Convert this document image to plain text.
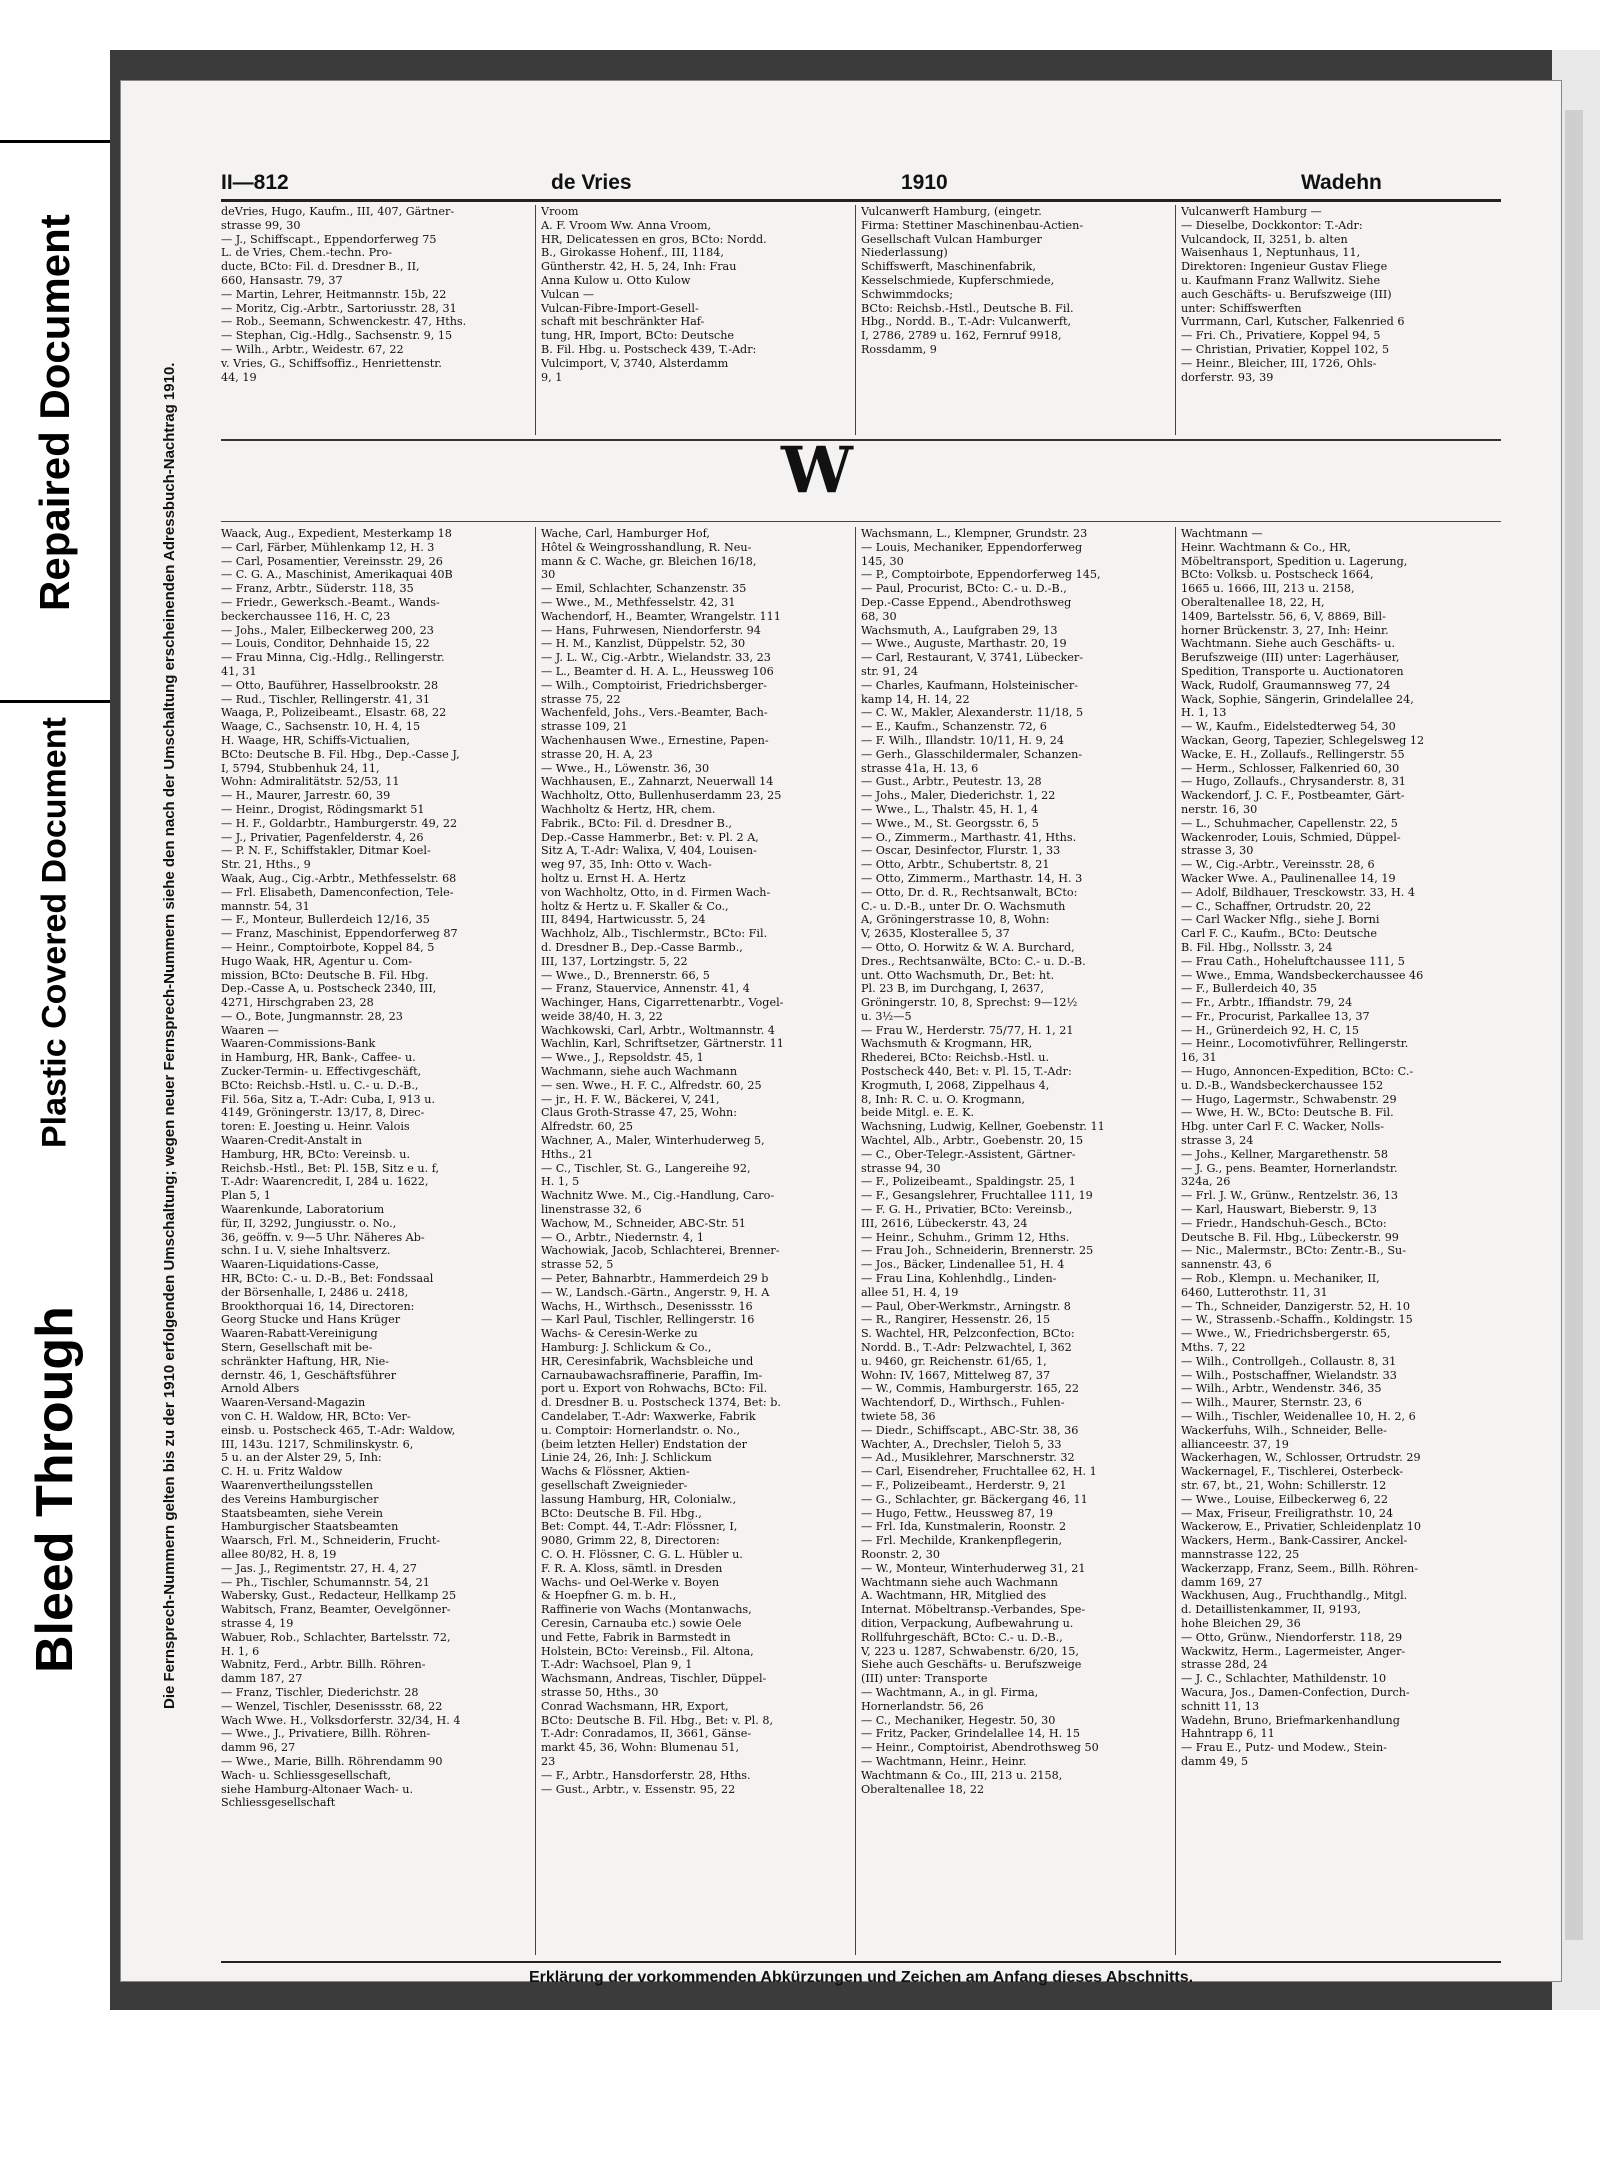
Repaired Document
Plastic Covered Document
Bleed Through	Die Fernsprech-Nummern gelten bis zu der 1910 erfolgenden Umschaltung; wegen neuer Fernsprech-Nummern siehe den nach der Umschaltung erscheinenden Adressbuch-Nachtrag 1910.
II—812	de Vries	1910	Wadehn

deVries, Hugo, Kaufm., III, 407, Gärtner-

strasse 99, 30

— J., Schiffscapt., Eppendorferweg 75

L. de Vries, Chem.-techn. Pro-

ducte, BCto: Fil. d. Dresdner B., II,

660, Hansastr. 79, 37

— Martin, Lehrer, Heitmannstr. 15b, 22

— Moritz, Cig.-Arbtr., Sartoriusstr. 28, 31

— Rob., Seemann, Schwenckestr. 47, Hths.

— Stephan, Cig.-Hdlg., Sachsenstr. 9, 15

— Wilh., Arbtr., Weidestr. 67, 22

v. Vries, G., Schiffsoffiz., Henriettenstr.

44, 19

Vroom

A. F. Vroom Ww. Anna Vroom,

HR, Delicatessen en gros, BCto: Nordd.

B., Girokasse Hohenf., III, 1184,

Güntherstr. 42, H. 5, 24, Inh: Frau

Anna Kulow u. Otto Kulow

Vulcan —

Vulcan-Fibre-Import-Gesell-

schaft mit beschränkter Haf-

tung, HR, Import, BCto: Deutsche

B. Fil. Hbg. u. Postscheck 439, T.-Adr:

Vulcimport, V, 3740, Alsterdamm

9, 1

Vulcanwerft Hamburg, (eingetr.

Firma: Stettiner Maschinenbau-Actien-

Gesellschaft Vulcan Hamburger

Niederlassung)

Schiffswerft, Maschinenfabrik,

Kesselschmiede, Kupferschmiede,

Schwimmdocks;

BCto: Reichsb.-Hstl., Deutsche B. Fil.

Hbg., Nordd. B., T.-Adr: Vulcanwerft,

I, 2786, 2789 u. 162, Fernruf 9918,

Rossdamm, 9

Vulcanwerft Hamburg —

— Dieselbe, Dockkontor: T.-Adr:

Vulcandock, II, 3251, b. alten

Waisenhaus 1, Neptunhaus, 11,

Direktoren: Ingenieur Gustav Fliege

u. Kaufmann Franz Wallwitz. Siehe

auch Geschäfts- u. Berufszweige (III)

unter: Schiffswerften

Vurrmann, Carl, Kutscher, Falkenried 6

— Fri. Ch., Privatiere, Koppel 94, 5

— Christian, Privatier, Koppel 102, 5

— Heinr., Bleicher, III, 1726, Ohls-

dorferstr. 93, 39

W

Waack, Aug., Expedient, Mesterkamp 18

— Carl, Färber, Mühlenkamp 12, H. 3

— Carl, Posamentier, Vereinsstr. 29, 26

— C. G. A., Maschinist, Amerikaquai 40B

— Franz, Arbtr., Süderstr. 118, 35

— Friedr., Gewerksch.-Beamt., Wands-

beckerchaussee 116, H. C, 23

— Johs., Maler, Eilbeckerweg 200, 23

— Louis, Conditor, Dehnhaide 15, 22

— Frau Minna, Cig.-Hdlg., Rellingerstr.

41, 31

— Otto, Bauführer, Hasselbrookstr. 28

— Rud., Tischler, Rellingerstr. 41, 31

Waaga, P., Polizeibeamt., Elsastr. 68, 22

Waage, C., Sachsenstr. 10, H. 4, 15

H. Waage, HR, Schiffs-Victualien,

BCto: Deutsche B. Fil. Hbg., Dep.-Casse J,

I, 5794, Stubbenhuk 24, 11,

Wohn: Admiralitätstr. 52/53, 11

— H., Maurer, Jarrestr. 60, 39

— Heinr., Drogist, Rödingsmarkt 51

— H. F., Goldarbtr., Hamburgerstr. 49, 22

— J., Privatier, Pagenfelderstr. 4, 26

— P. N. F., Schiffstakler, Ditmar Koel-

Str. 21, Hths., 9

Waak, Aug., Cig.-Arbtr., Methfesselstr. 68

— Frl. Elisabeth, Damenconfection, Tele-

mannstr. 54, 31

— F., Monteur, Bullerdeich 12/16, 35

— Franz, Maschinist, Eppendorferweg 87

— Heinr., Comptoirbote, Koppel 84, 5

Hugo Waak, HR, Agentur u. Com-

mission, BCto: Deutsche B. Fil. Hbg.

Dep.-Casse A, u. Postscheck 2340, III,

4271, Hirschgraben 23, 28

— O., Bote, Jungmannstr. 28, 23

Waaren —

Waaren-Commissions-Bank

in Hamburg, HR, Bank-, Caffee- u.

Zucker-Termin- u. Effectivgeschäft,

BCto: Reichsb.-Hstl. u. C.- u. D.-B.,

Fil. 56a, Sitz a, T.-Adr: Cuba, I, 913 u.

4149, Gröningerstr. 13/17, 8, Direc-

toren: E. Joesting u. Heinr. Valois

Waaren-Credit-Anstalt in

Hamburg, HR, BCto: Vereinsb. u.

Reichsb.-Hstl., Bet: Pl. 15B, Sitz e u. f,

T.-Adr: Waarencredit, I, 284 u. 1622,

Plan 5, 1

Waarenkunde, Laboratorium

für, II, 3292, Jungiusstr. o. No.,

36, geöffn. v. 9—5 Uhr. Näheres Ab-

schn. I u. V, siehe Inhaltsverz.

Waaren-Liquidations-Casse,

HR, BCto: C.- u. D.-B., Bet: Fondssaal

der Börsenhalle, I, 2486 u. 2418,

Brookthorquai 16, 14, Directoren:

Georg Stucke und Hans Krüger

Waaren-Rabatt-Vereinigung

Stern, Gesellschaft mit be-

schränkter Haftung, HR, Nie-

dernstr. 46, 1, Geschäftsführer

Arnold Albers

Waaren-Versand-Magazin

von C. H. Waldow, HR, BCto: Ver-

einsb. u. Postscheck 465, T.-Adr: Waldow,

III, 143u. 1217, Schmilinskystr. 6,

5 u. an der Alster 29, 5, Inh:

C. H. u. Fritz Waldow

Waarenvertheilungsstellen

des Vereins Hamburgischer

Staatsbeamten, siehe Verein

Hamburgischer Staatsbeamten

Waarsch, Frl. M., Schneiderin, Frucht-

allee 80/82, H. 8, 19

— Jas. J., Regimentstr. 27, H. 4, 27

— Ph., Tischler, Schumannstr. 54, 21

Wabersky, Gust., Redacteur, Hellkamp 25

Wabitsch, Franz, Beamter, Oevelgönner-

strasse 4, 19

Wabuer, Rob., Schlachter, Bartelsstr. 72,

H. 1, 6

Wabnitz, Ferd., Arbtr. Billh. Röhren-

damm 187, 27

— Franz, Tischler, Diederichstr. 28

— Wenzel, Tischler, Desenissstr. 68, 22

Wach Wwe. H., Volksdorferstr. 32/34, H. 4

— Wwe., J., Privatiere, Billh. Röhren-

damm 96, 27

— Wwe., Marie, Billh. Röhrendamm 90

Wach- u. Schliessgesellschaft,

siehe Hamburg-Altonaer Wach- u.

Schliessgesellschaft

Wache, Carl, Hamburger Hof,

Hôtel & Weingrosshandlung, R. Neu-

mann & C. Wache, gr. Bleichen 16/18,

30

— Emil, Schlachter, Schanzenstr. 35

— Wwe., M., Methfesselstr. 42, 31

Wachendorf, H., Beamter, Wrangelstr. 111

— Hans, Fuhrwesen, Niendorferstr. 94

— H. M., Kanzlist, Düppelstr. 52, 30

— J. L. W., Cig.-Arbtr., Wielandstr. 33, 23

— L., Beamter d. H. A. L., Heussweg 106

— Wilh., Comptoirist, Friedrichsberger-

strasse 75, 22

Wachenfeld, Johs., Vers.-Beamter, Bach-

strasse 109, 21

Wachenhausen Wwe., Ernestine, Papen-

strasse 20, H. A, 23

— Wwe., H., Löwenstr. 36, 30

Wachhausen, E., Zahnarzt, Neuerwall 14

Wachholtz, Otto, Bullenhuserdamm 23, 25

Wachholtz & Hertz, HR, chem.

Fabrik., BCto: Fil. d. Dresdner B.,

Dep.-Casse Hammerbr., Bet: v. Pl. 2 A,

Sitz A, T.-Adr: Walixa, V, 404, Louisen-

weg 97, 35, Inh: Otto v. Wach-

holtz u. Ernst H. A. Hertz

von Wachholtz, Otto, in d. Firmen Wach-

holtz & Hertz u. F. Skaller & Co.,

III, 8494, Hartwicusstr. 5, 24

Wachholz, Alb., Tischlermstr., BCto: Fil.

d. Dresdner B., Dep.-Casse Barmb.,

III, 137, Lortzingstr. 5, 22

— Wwe., D., Brennerstr. 66, 5

— Franz, Stauervice, Annenstr. 41, 4

Wachinger, Hans, Cigarrettenarbtr., Vogel-

weide 38/40, H. 3, 22

Wachkowski, Carl, Arbtr., Woltmannstr. 4

Wachlin, Karl, Schriftsetzer, Gärtnerstr. 11

— Wwe., J., Repsoldstr. 45, 1

Wachmann, siehe auch Wachmann

— sen. Wwe., H. F. C., Alfredstr. 60, 25

— jr., H. F. W., Bäckerei, V, 241,

Claus Groth-Strasse 47, 25, Wohn:

Alfredstr. 60, 25

Wachner, A., Maler, Winterhuderweg 5,

Hths., 21

— C., Tischler, St. G., Langereihe 92,

H. 1, 5

Wachnitz Wwe. M., Cig.-Handlung, Caro-

linenstrasse 32, 6

Wachow, M., Schneider, ABC-Str. 51

— O., Arbtr., Niedernstr. 4, 1

Wachowiak, Jacob, Schlachterei, Brenner-

strasse 52, 5

— Peter, Bahnarbtr., Hammerdeich 29 b

— W., Landsch.-Gärtn., Angerstr. 9, H. A

Wachs, H., Wirthsch., Desenissstr. 16

— Karl Paul, Tischler, Rellingerstr. 16

Wachs- & Ceresin-Werke zu

Hamburg: J. Schlickum & Co.,

HR, Ceresinfabrik, Wachsbleiche und

Carnaubawachsraffinerie, Paraffin, Im-

port u. Export von Rohwachs, BCto: Fil.

d. Dresdner B. u. Postscheck 1374, Bet: b.

Candelaber, T.-Adr: Waxwerke, Fabrik

u. Comptoir: Hornerlandstr. o. No.,

(beim letzten Heller) Endstation der

Linie 24, 26, Inh: J. Schlickum

Wachs & Flössner, Aktien-

gesellschaft Zweignieder-

lassung Hamburg, HR, Colonialw.,

BCto: Deutsche B. Fil. Hbg.,

Bet: Compt. 44, T.-Adr: Flössner, I,

9080, Grimm 22, 8, Directoren:

C. O. H. Flössner, C. G. L. Hübler u.

F. R. A. Kloss, sämtl. in Dresden

Wachs- und Oel-Werke v. Boyen

& Hoepfner G. m. b. H.,

Raffinerie von Wachs (Montanwachs,

Ceresin, Carnauba etc.) sowie Oele

und Fette, Fabrik in Barmstedt in

Holstein, BCto: Vereinsb., Fil. Altona,

T.-Adr: Wachsoel, Plan 9, 1

Wachsmann, Andreas, Tischler, Düppel-

strasse 50, Hths., 30

Conrad Wachsmann, HR, Export,

BCto: Deutsche B. Fil. Hbg., Bet: v. Pl. 8,

T.-Adr: Conradamos, II, 3661, Gänse-

markt 45, 36, Wohn: Blumenau 51,

23

— F., Arbtr., Hansdorferstr. 28, Hths.

— Gust., Arbtr., v. Essenstr. 95, 22

Wachsmann, L., Klempner, Grundstr. 23

— Louis, Mechaniker, Eppendorferweg

145, 30

— P., Comptoirbote, Eppendorferweg 145,

— Paul, Procurist, BCto: C.- u. D.-B.,

Dep.-Casse Eppend., Abendrothsweg

68, 30

Wachsmuth, A., Laufgraben 29, 13

— Wwe., Auguste, Marthastr. 20, 19

— Carl, Restaurant, V, 3741, Lübecker-

str. 91, 24

— Charles, Kaufmann, Holsteinischer-

kamp 14, H. 14, 22

— C. W., Makler, Alexanderstr. 11/18, 5

— E., Kaufm., Schanzenstr. 72, 6

— F. Wilh., Illandstr. 10/11, H. 9, 24

— Gerh., Glasschildermaler, Schanzen-

strasse 41a, H. 13, 6

— Gust., Arbtr., Peutestr. 13, 28

— Johs., Maler, Diederichstr. 1, 22

— Wwe., L., Thalstr. 45, H. 1, 4

— Wwe., M., St. Georgsstr. 6, 5

— O., Zimmerm., Marthastr. 41, Hths.

— Oscar, Desinfector, Flurstr. 1, 33

— Otto, Arbtr., Schubertstr. 8, 21

— Otto, Zimmerm., Marthastr. 14, H. 3

— Otto, Dr. d. R., Rechtsanwalt, BCto:

C.- u. D.-B., unter Dr. O. Wachsmuth

A, Gröningerstrasse 10, 8, Wohn:

V, 2635, Klosterallee 5, 37

— Otto, O. Horwitz & W. A. Burchard,

Dres., Rechtsanwälte, BCto: C.- u. D.-B.

unt. Otto Wachsmuth, Dr., Bet: ht.

Pl. 23 B, im Durchgang, I, 2637,

Gröningerstr. 10, 8, Sprechst: 9—12½

u. 3½—5

— Frau W., Herderstr. 75/77, H. 1, 21

Wachsmuth & Krogmann, HR,

Rhederei, BCto: Reichsb.-Hstl. u.

Postscheck 440, Bet: v. Pl. 15, T.-Adr:

Krogmuth, I, 2068, Zippelhaus 4,

8, Inh: R. C. u. O. Krogmann,

beide Mitgl. e. E. K.

Wachsning, Ludwig, Kellner, Goebenstr. 11

Wachtel, Alb., Arbtr., Goebenstr. 20, 15

— C., Ober-Telegr.-Assistent, Gärtner-

strasse 94, 30

— F., Polizeibeamt., Spaldingstr. 25, 1

— F., Gesangslehrer, Fruchtallee 111, 19

— F. G. H., Privatier, BCto: Vereinsb.,

III, 2616, Lübeckerstr. 43, 24

— Heinr., Schuhm., Grimm 12, Hths.

— Frau Joh., Schneiderin, Brennerstr. 25

— Jos., Bäcker, Lindenallee 51, H. 4

— Frau Lina, Kohlenhdlg., Linden-

allee 51, H. 4, 19

— Paul, Ober-Werkmstr., Arningstr. 8

— R., Rangirer, Hessenstr. 26, 15

S. Wachtel, HR, Pelzconfection, BCto:

Nordd. B., T.-Adr: Pelzwachtel, I, 362

u. 9460, gr. Reichenstr. 61/65, 1,

Wohn: IV, 1667, Mittelweg 87, 37

— W., Commis, Hamburgerstr. 165, 22

Wachtendorf, D., Wirthsch., Fuhlen-

twiete 58, 36

— Diedr., Schiffscapt., ABC-Str. 38, 36

Wachter, A., Drechsler, Tieloh 5, 33

— Ad., Musiklehrer, Marschnerstr. 32

— Carl, Eisendreher, Fruchtallee 62, H. 1

— F., Polizeibeamt., Herderstr. 9, 21

— G., Schlachter, gr. Bäckergang 46, 11

— Hugo, Fettw., Heussweg 87, 19

— Frl. Ida, Kunstmalerin, Roonstr. 2

— Frl. Mechilde, Krankenpflegerin,

Roonstr. 2, 30

— W., Monteur, Winterhuderweg 31, 21

Wachtmann siehe auch Wachmann

A. Wachtmann, HR, Mitglied des

Internat. Möbeltransp.-Verbandes, Spe-

dition, Verpackung, Aufbewahrung u.

Rollfuhrgeschäft, BCto: C.- u. D.-B.,

V, 223 u. 1287, Schwabenstr. 6/20, 15,

Siehe auch Geschäfts- u. Berufszweige

(III) unter: Transporte

— Wachtmann, A., in gl. Firma,

Hornerlandstr. 56, 26

— C., Mechaniker, Hegestr. 50, 30

— Fritz, Packer, Grindelallee 14, H. 15

— Heinr., Comptoirist, Abendrothsweg 50

— Wachtmann, Heinr., Heinr.

Wachtmann & Co., III, 213 u. 2158,

Oberaltenallee 18, 22

Wachtmann —

Heinr. Wachtmann & Co., HR,

Möbeltransport, Spedition u. Lagerung,

BCto: Volksb. u. Postscheck 1664,

1665 u. 1666, III, 213 u. 2158,

Oberaltenallee 18, 22, H,

1409, Bartelsstr. 56, 6, V, 8869, Bill-

horner Brückenstr. 3, 27, Inh: Heinr.

Wachtmann. Siehe auch Geschäfts- u.

Berufszweige (III) unter: Lagerhäuser,

Spedition, Transporte u. Auctionatoren

Wack, Rudolf, Graumannsweg 77, 24

Wack, Sophie, Sängerin, Grindelallee 24,

H. 1, 13

— W., Kaufm., Eidelstedterweg 54, 30

Wackan, Georg, Tapezier, Schlegelsweg 12

Wacke, E. H., Zollaufs., Rellingerstr. 55

— Herm., Schlosser, Falkenried 60, 30

— Hugo, Zollaufs., Chrysanderstr. 8, 31

Wackendorf, J. C. F., Postbeamter, Gärt-

nerstr. 16, 30

— L., Schuhmacher, Capellenstr. 22, 5

Wackenroder, Louis, Schmied, Düppel-

strasse 3, 30

— W., Cig.-Arbtr., Vereinsstr. 28, 6

Wacker Wwe. A., Paulinenallee 14, 19

— Adolf, Bildhauer, Tresckowstr. 33, H. 4

— C., Schaffner, Ortrudstr. 20, 22

— Carl Wacker Nflg., siehe J. Borni

Carl F. C., Kaufm., BCto: Deutsche

B. Fil. Hbg., Nollsstr. 3, 24

— Frau Cath., Hoheluftchaussee 111, 5

— Wwe., Emma, Wandsbeckerchaussee 46

— F., Bullerdeich 40, 35

— Fr., Arbtr., Iffiandstr. 79, 24

— Fr., Procurist, Parkallee 13, 37

— H., Grünerdeich 92, H. C, 15

— Heinr., Locomotivführer, Rellingerstr.

16, 31

— Hugo, Annoncen-Expedition, BCto: C.-

u. D.-B., Wandsbeckerchaussee 152

— Hugo, Lagermstr., Schwabenstr. 29

— Wwe, H. W., BCto: Deutsche B. Fil.

Hbg. unter Carl F. C. Wacker, Nolls-

strasse 3, 24

— Johs., Kellner, Margarethenstr. 58

— J. G., pens. Beamter, Hornerlandstr.

324a, 26

— Frl. J. W., Grünw., Rentzelstr. 36, 13

— Karl, Hauswart, Bieberstr. 9, 13

— Friedr., Handschuh-Gesch., BCto:

Deutsche B. Fil. Hbg., Lübeckerstr. 99

— Nic., Malermstr., BCto: Zentr.-B., Su-

sannenstr. 43, 6

— Rob., Klempn. u. Mechaniker, II,

6460, Lutterothstr. 11, 31

— Th., Schneider, Danzigerstr. 52, H. 10

— W., Strassenb.-Schaffn., Koldingstr. 15

— Wwe., W., Friedrichsbergerstr. 65,

Mths. 7, 22

— Wilh., Controllgeh., Collaustr. 8, 31

— Wilh., Postschaffner, Wielandstr. 33

— Wilh., Arbtr., Wendenstr. 346, 35

— Wilh., Maurer, Sternstr. 23, 6

— Wilh., Tischler, Weidenallee 10, H. 2, 6

Wackerfuhs, Wilh., Schneider, Belle-

allianceestr. 37, 19

Wackerhagen, W., Schlosser, Ortrudstr. 29

Wackernagel, F., Tischlerei, Osterbeck-

str. 67, bt., 21, Wohn: Schillerstr. 12

— Wwe., Louise, Eilbeckerweg 6, 22

— Max, Friseur, Freiligrathstr. 10, 24

Wackerow, E., Privatier, Schleidenplatz 10

Wackers, Herm., Bank-Cassirer, Anckel-

mannstrasse 122, 25

Wackerzapp, Franz, Seem., Billh. Röhren-

damm 169, 27

Wackhusen, Aug., Fruchthandlg., Mitgl.

d. Detaillistenkammer, II, 9193,

hohe Bleichen 29, 36

— Otto, Grünw., Niendorferstr. 118, 29

Wackwitz, Herm., Lagermeister, Anger-

strasse 28d, 24

— J. C., Schlachter, Mathildenstr. 10

Wacura, Jos., Damen-Confection, Durch-

schnitt 11, 13

Wadehn, Bruno, Briefmarkenhandlung

Hahntrapp 6, 11

— Frau E., Putz- und Modew., Stein-

damm 49, 5

Erklärung der vorkommenden Abkürzungen und Zeichen am Anfang dieses Abschnitts.
